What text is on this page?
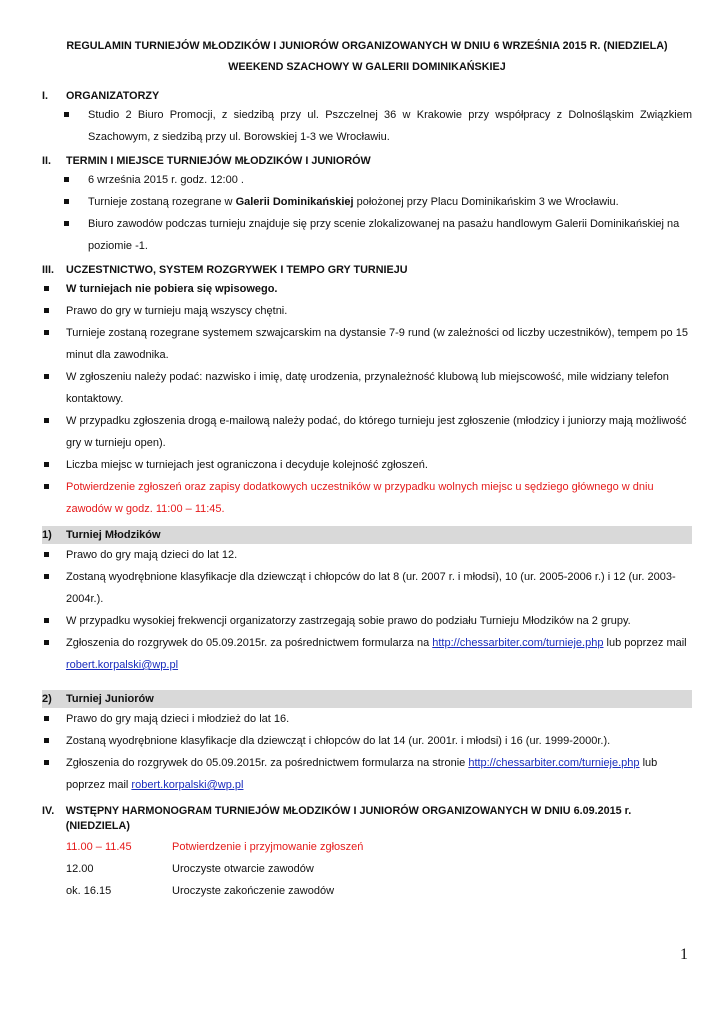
REGULAMIN TURNIEJÓW MŁODZIKÓW I JUNIORÓW ORGANIZOWANYCH W DNIU 6 WRZEŚNIA 2015 R. (NIEDZIELA)
WEEKEND SZACHOWY W GALERII DOMINIKAŃSKIEJ
I.	ORGANIZATORZY
Studio 2 Biuro Promocji, z siedzibą przy ul. Pszczelnej 36 w Krakowie przy współpracy z Dolnośląskim Związkiem Szachowym, z siedzibą przy ul. Borowskiej 1-3 we Wrocławiu.
II.	TERMIN I MIEJSCE TURNIEJÓW MŁODZIKÓW I JUNIORÓW
6 września 2015 r. godz. 12:00 .
Turnieje zostaną rozegrane w Galerii Dominikańskiej położonej przy Placu Dominikańskim 3 we Wrocławiu.
Biuro zawodów podczas turnieju znajduje się przy scenie zlokalizowanej na pasażu handlowym Galerii Dominikańskiej na poziomie -1.
III.	UCZESTNICTWO, SYSTEM ROZGRYWEK I TEMPO GRY TURNIEJU
W turniejach nie pobiera się wpisowego.
Prawo do gry w turnieju mają wszyscy chętni.
Turnieje zostaną rozegrane systemem szwajcarskim na dystansie 7-9 rund (w zależności od liczby uczestników), tempem po 15 minut dla zawodnika.
W zgłoszeniu należy podać: nazwisko i imię, datę urodzenia, przynależność klubową lub miejscowość, mile widziany telefon kontaktowy.
W przypadku zgłoszenia drogą e-mailową należy podać, do którego turnieju jest zgłoszenie (młodzicy i juniorzy mają możliwość gry w turnieju open).
Liczba miejsc w turniejach jest ograniczona i decyduje kolejność zgłoszeń.
Potwierdzenie zgłoszeń oraz zapisy dodatkowych uczestników w przypadku wolnych miejsc u sędziego głównego w dniu zawodów w godz. 11:00 – 11:45.
1)	Turniej Młodzików
Prawo do gry mają dzieci do lat 12.
Zostaną wyodrębnione klasyfikacje dla dziewcząt i chłopców do lat 8 (ur. 2007 r. i młodsi), 10 (ur. 2005-2006 r.) i 12 (ur. 2003-2004r.).
W przypadku wysokiej frekwencji organizatorzy zastrzegają sobie prawo do podziału Turnieju Młodzików na 2 grupy.
Zgłoszenia do rozgrywek do 05.09.2015r. za pośrednictwem formularza na http://chessarbiter.com/turnieje.php lub poprzez mail robert.korpalski@wp.pl
2)	Turniej Juniorów
Prawo do gry mają dzieci i młodzież do lat 16.
Zostaną wyodrębnione klasyfikacje dla dziewcząt i chłopców do lat 14 (ur. 2001r. i młodsi) i 16 (ur. 1999-2000r.).
Zgłoszenia do rozgrywek do 05.09.2015r. za pośrednictwem formularza na stronie http://chessarbiter.com/turnieje.php lub poprzez mail robert.korpalski@wp.pl
IV.	WSTĘPNY HARMONOGRAM TURNIEJÓW MŁODZIKÓW I JUNIORÓW ORGANIZOWANYCH W DNIU 6.09.2015 r. (NIEDZIELA)
11.00 – 11.45	Potwierdzenie i przyjmowanie zgłoszeń
12.00	Uroczyste otwarcie zawodów
ok. 16.15	Uroczyste zakończenie zawodów
1
